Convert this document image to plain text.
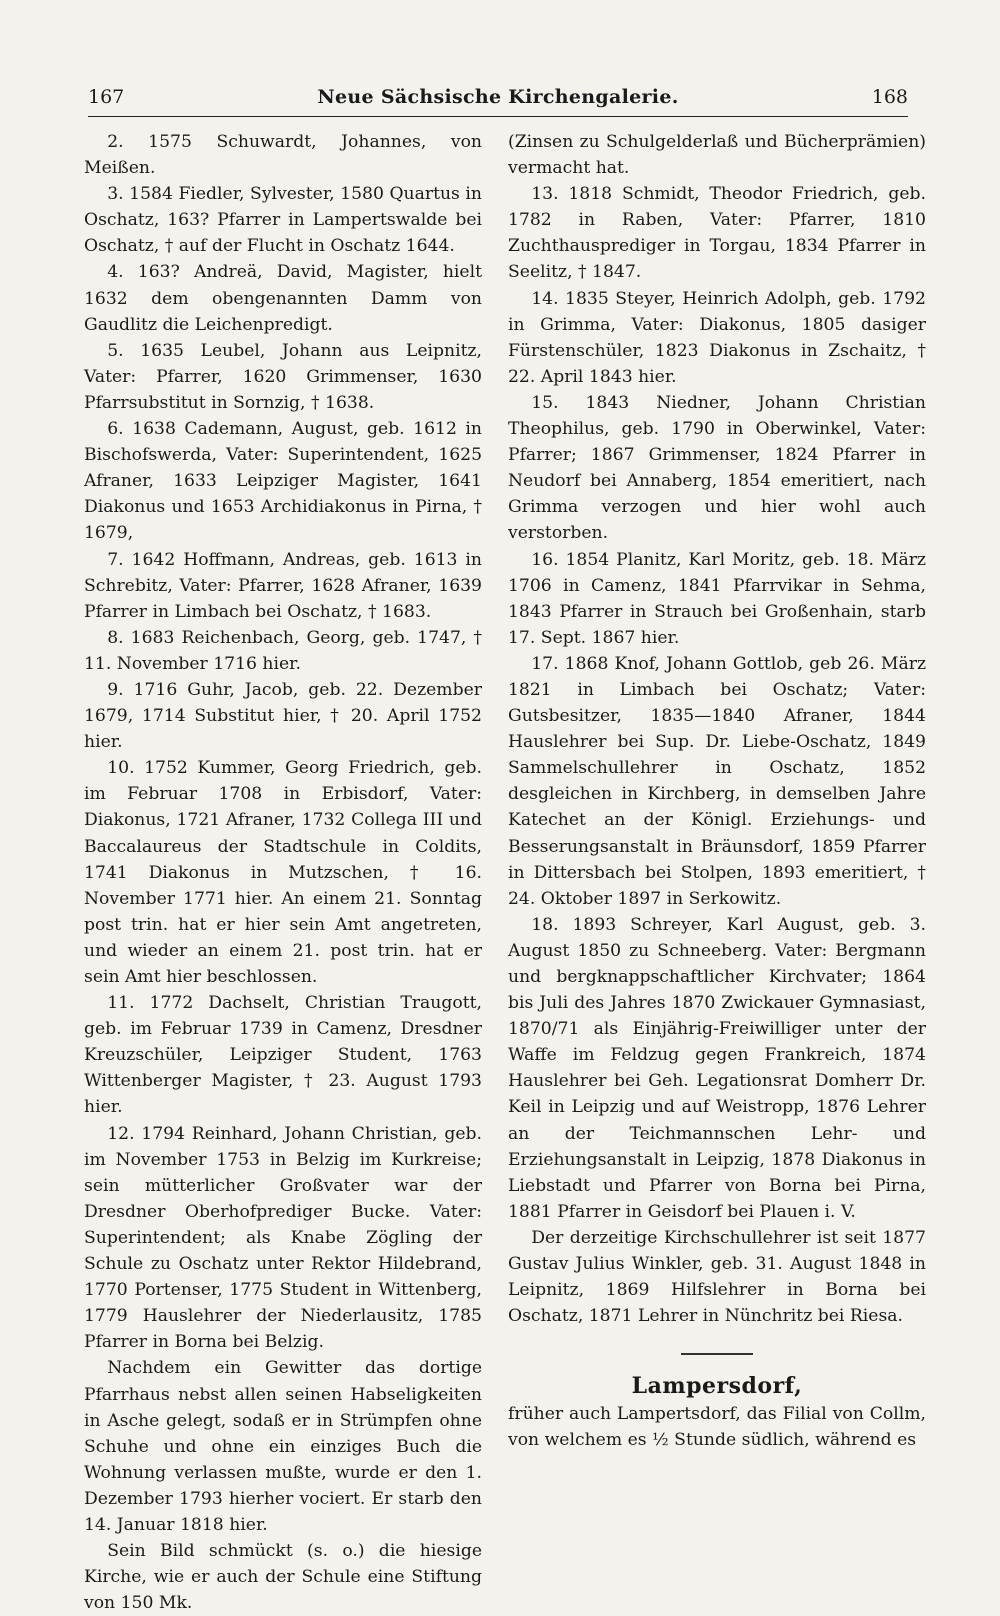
167	Neue Sächsische Kirchengalerie.	168

2. 1575 Schuwardt, Johannes, von Meißen.

3. 1584 Fiedler, Sylvester, 1580 Quartus in Oschatz, 163? Pfarrer in Lampertswalde bei Oschatz, † auf der Flucht in Oschatz 1644.

4. 163? Andreä, David, Magister, hielt 1632 dem obengenannten Damm von Gaudlitz die Leichenpredigt.

5. 1635 Leubel, Johann aus Leipnitz, Vater: Pfarrer, 1620 Grimmenser, 1630 Pfarrsubstitut in Sornzig, † 1638.

6. 1638 Cademann, August, geb. 1612 in Bischofswerda, Vater: Superintendent, 1625 Afraner, 1633 Leipziger Magister, 1641 Diakonus und 1653 Archidiakonus in Pirna, † 1679,

7. 1642 Hoffmann, Andreas, geb. 1613 in Schrebitz, Vater: Pfarrer, 1628 Afraner, 1639 Pfarrer in Limbach bei Oschatz, † 1683.

8. 1683 Reichenbach, Georg, geb. 1747, † 11. November 1716 hier.

9. 1716 Guhr, Jacob, geb. 22. Dezember 1679, 1714 Substitut hier, † 20. April 1752 hier.

10. 1752 Kummer, Georg Friedrich, geb. im Februar 1708 in Erbisdorf, Vater: Diakonus, 1721 Afraner, 1732 Collega III und Baccalaureus der Stadtschule in Coldits, 1741 Diakonus in Mutzschen, † 16. November 1771 hier. An einem 21. Sonntag post trin. hat er hier sein Amt angetreten, und wieder an einem 21. post trin. hat er sein Amt hier beschlossen.

11. 1772 Dachselt, Christian Traugott, geb. im Februar 1739 in Camenz, Dresdner Kreuzschüler, Leipziger Student, 1763 Wittenberger Magister, † 23. August 1793 hier.

12. 1794 Reinhard, Johann Christian, geb. im November 1753 in Belzig im Kurkreise; sein mütterlicher Großvater war der Dresdner Oberhofprediger Bucke. Vater: Superintendent; als Knabe Zögling der Schule zu Oschatz unter Rektor Hildebrand, 1770 Portenser, 1775 Student in Wittenberg, 1779 Hauslehrer der Niederlausitz, 1785 Pfarrer in Borna bei Belzig.

Nachdem ein Gewitter das dortige Pfarrhaus nebst allen seinen Habseligkeiten in Asche gelegt, sodaß er in Strümpfen ohne Schuhe und ohne ein einziges Buch die Wohnung verlassen mußte, wurde er den 1. Dezember 1793 hierher vociert. Er starb den 14. Januar 1818 hier.

Sein Bild schmückt (s. o.) die hiesige Kirche, wie er auch der Schule eine Stiftung von 150 Mk.

(Zinsen zu Schulgelderlaß und Bücherprämien) vermacht hat.

13. 1818 Schmidt, Theodor Friedrich, geb. 1782 in Raben, Vater: Pfarrer, 1810 Zuchthausprediger in Torgau, 1834 Pfarrer in Seelitz, † 1847.

14. 1835 Steyer, Heinrich Adolph, geb. 1792 in Grimma, Vater: Diakonus, 1805 dasiger Fürstenschüler, 1823 Diakonus in Zschaitz, † 22. April 1843 hier.

15. 1843 Niedner, Johann Christian Theophilus, geb. 1790 in Oberwinkel, Vater: Pfarrer; 1867 Grimmenser, 1824 Pfarrer in Neudorf bei Annaberg, 1854 emeritiert, nach Grimma verzogen und hier wohl auch verstorben.

16. 1854 Planitz, Karl Moritz, geb. 18. März 1706 in Camenz, 1841 Pfarrvikar in Sehma, 1843 Pfarrer in Strauch bei Großenhain, starb 17. Sept. 1867 hier.

17. 1868 Knof, Johann Gottlob, geb 26. März 1821 in Limbach bei Oschatz; Vater: Gutsbesitzer, 1835—1840 Afraner, 1844 Hauslehrer bei Sup. Dr. Liebe-Oschatz, 1849 Sammelschullehrer in Oschatz, 1852 desgleichen in Kirchberg, in demselben Jahre Katechet an der Königl. Erziehungs- und Besserungsanstalt in Bräunsdorf, 1859 Pfarrer in Dittersbach bei Stolpen, 1893 emeritiert, † 24. Oktober 1897 in Serkowitz.

18. 1893 Schreyer, Karl August, geb. 3. August 1850 zu Schneeberg. Vater: Bergmann und bergknappschaftlicher Kirchvater; 1864 bis Juli des Jahres 1870 Zwickauer Gymnasiast, 1870/71 als Einjährig-Freiwilliger unter der Waffe im Feldzug gegen Frankreich, 1874 Hauslehrer bei Geh. Legationsrat Domherr Dr. Keil in Leipzig und auf Weistropp, 1876 Lehrer an der Teichmannschen Lehr- und Erziehungsanstalt in Leipzig, 1878 Diakonus in Liebstadt und Pfarrer von Borna bei Pirna, 1881 Pfarrer in Geisdorf bei Plauen i. V.

Der derzeitige Kirchschullehrer ist seit 1877 Gustav Julius Winkler, geb. 31. August 1848 in Leipnitz, 1869 Hilfslehrer in Borna bei Oschatz, 1871 Lehrer in Nünchritz bei Riesa.

Lampersdorf,

früher auch Lampertsdorf, das Filial von Collm, von welchem es ½ Stunde südlich, während es
